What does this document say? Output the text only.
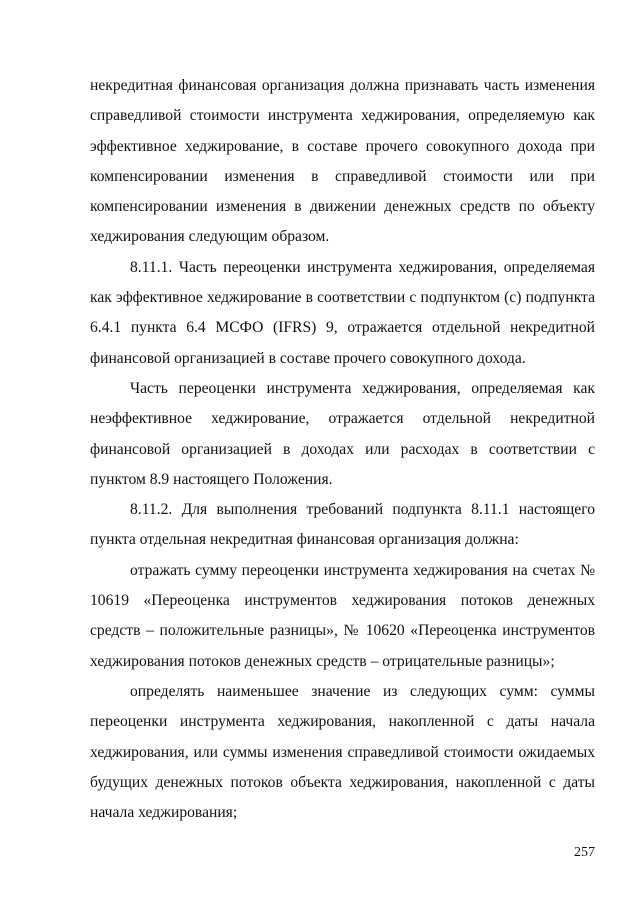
некредитная финансовая организация должна признавать часть изменения справедливой стоимости инструмента хеджирования, определяемую как эффективное хеджирование, в составе прочего совокупного дохода при компенсировании изменения в справедливой стоимости или при компенсировании изменения в движении денежных средств по объекту хеджирования следующим образом.

8.11.1. Часть переоценки инструмента хеджирования, определяемая как эффективное хеджирование в соответствии с подпунктом (с) подпункта 6.4.1 пункта 6.4 МСФО (IFRS) 9, отражается отдельной некредитной финансовой организацией в составе прочего совокупного дохода.

Часть переоценки инструмента хеджирования, определяемая как неэффективное хеджирование, отражается отдельной некредитной финансовой организацией в доходах или расходах в соответствии с пунктом 8.9 настоящего Положения.

8.11.2. Для выполнения требований подпункта 8.11.1 настоящего пункта отдельная некредитная финансовая организация должна:

отражать сумму переоценки инструмента хеджирования на счетах № 10619 «Переоценка инструментов хеджирования потоков денежных средств – положительные разницы», № 10620 «Переоценка инструментов хеджирования потоков денежных средств – отрицательные разницы»;

определять наименьшее значение из следующих сумм: суммы переоценки инструмента хеджирования, накопленной с даты начала хеджирования, или суммы изменения справедливой стоимости ожидаемых будущих денежных потоков объекта хеджирования, накопленной с даты начала хеджирования;

257
